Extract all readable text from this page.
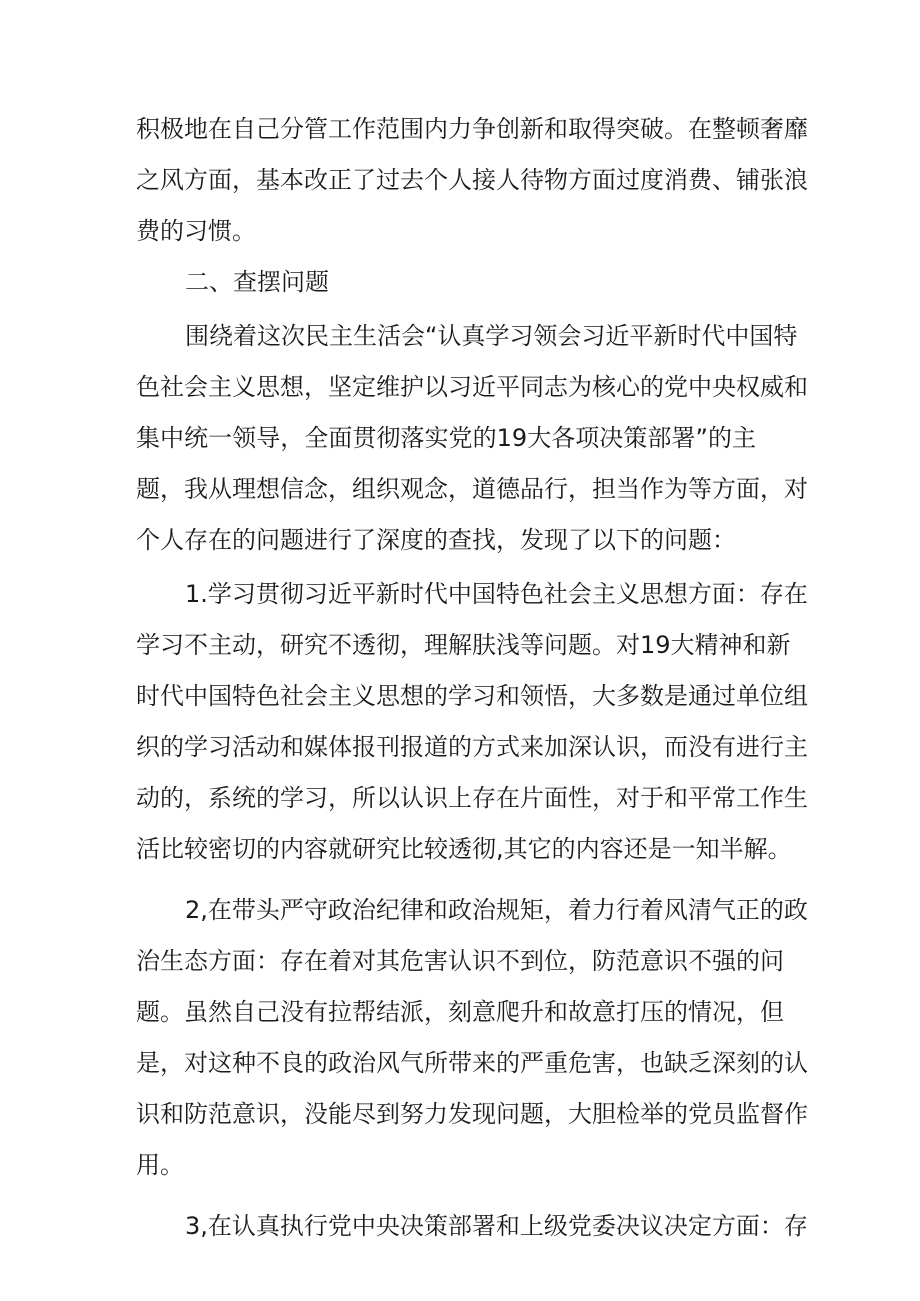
积极地在自己分管工作范围内力争创新和取得突破。在整顿奢靡

之风方面，基本改正了过去个人接人待物方面过度消费、铺张浪

费的习惯。

二、查摆问题

围绕着这次民主生活会“认真学习领会习近平新时代中国特

色社会主义思想，坚定维护以习近平同志为核心的党中央权威和

集中统一领导，全面贯彻落实党的19大各项决策部署”的主

题，我从理想信念，组织观念，道德品行，担当作为等方面，对

个人存在的问题进行了深度的查找，发现了以下的问题：

1.学习贯彻习近平新时代中国特色社会主义思想方面：存在

学习不主动，研究不透彻，理解肤浅等问题。对19大精神和新

时代中国特色社会主义思想的学习和领悟，大多数是通过单位组

织的学习活动和媒体报刊报道的方式来加深认识，而没有进行主

动的，系统的学习，所以认识上存在片面性，对于和平常工作生

活比较密切的内容就研究比较透彻,其它的内容还是一知半解。

2,在带头严守政治纪律和政治规矩，着力行着风清气正的政

治生态方面：存在着对其危害认识不到位，防范意识不强的问

题。虽然自己没有拉帮结派，刻意爬升和故意打压的情况，但

是，对这种不良的政治风气所带来的严重危害，也缺乏深刻的认

识和防范意识，没能尽到努力发现问题，大胆检举的党员监督作

用。

3,在认真执行党中央决策部署和上级党委决议决定方面：存
